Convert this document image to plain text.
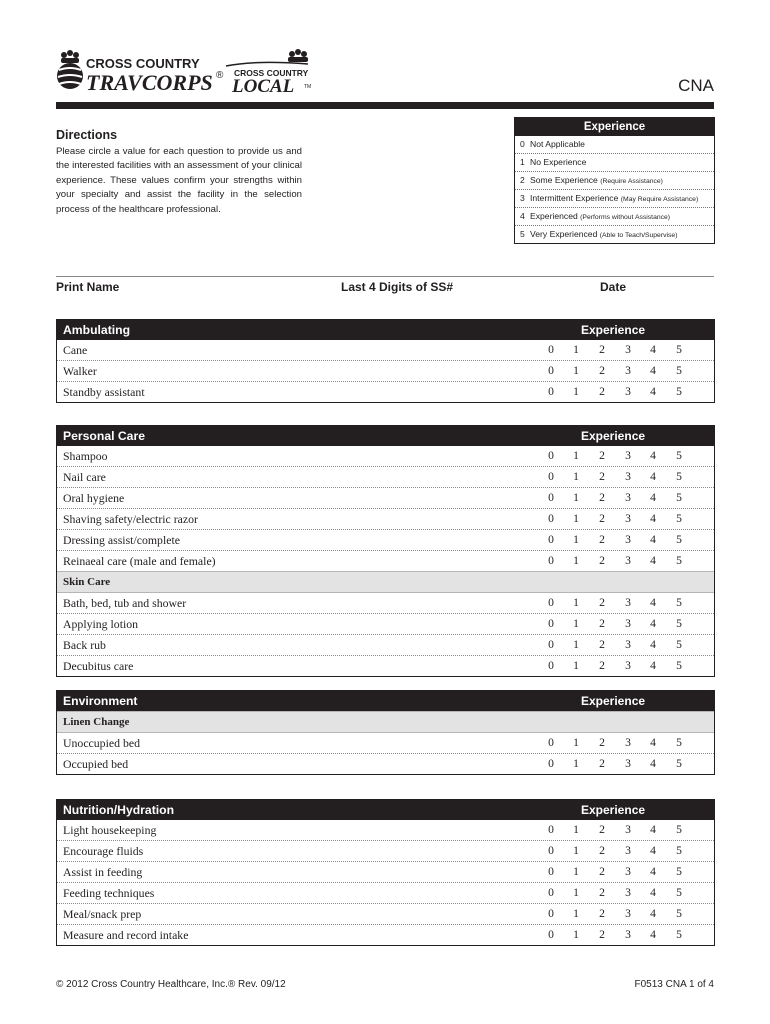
CROSS COUNTRY
TRAVCORPS ® CROSS COUNTRY
LOCAL TM	CNA
Directions
Please circle a value for each question to provide us and the interested facilities with an assessment of your clinical experience. These values confirm your strengths within your specialty and assist the facility in the selection process of the healthcare professional.
Experience
0 Not Applicable
1 No Experience
2 Some Experience (Require Assistance)
3 Intermittent Experience (May Require Assistance)
4 Experienced (Performs without Assistance)
5 Very Experienced (Able to Teach/Supervise)
Print Name	Last 4 Digits of SS#	Date
Ambulating	Experience
Cane	0 1 2 3 4 5
Walker	0 1 2 3 4 5
Standby assistant	0 1 2 3 4 5
Personal Care	Experience
Shampoo	0 1 2 3 4 5
Nail care	0 1 2 3 4 5
Oral hygiene	0 1 2 3 4 5
Shaving safety/electric razor	0 1 2 3 4 5
Dressing assist/complete	0 1 2 3 4 5
Reinaeal care (male and female)	0 1 2 3 4 5
Skin Care
Bath, bed, tub and shower	0 1 2 3 4 5
Applying lotion	0 1 2 3 4 5
Back rub	0 1 2 3 4 5
Decubitus care	0 1 2 3 4 5
Environment	Experience
Linen Change
Unoccupied bed	0 1 2 3 4 5
Occupied bed	0 1 2 3 4 5
Nutrition/Hydration	Experience
Light housekeeping	0 1 2 3 4 5
Encourage fluids	0 1 2 3 4 5
Assist in feeding	0 1 2 3 4 5
Feeding techniques	0 1 2 3 4 5
Meal/snack prep	0 1 2 3 4 5
Measure and record intake	0 1 2 3 4 5
© 2012 Cross Country Healthcare, Inc.® Rev. 09/12	F0513 CNA 1 of 4
